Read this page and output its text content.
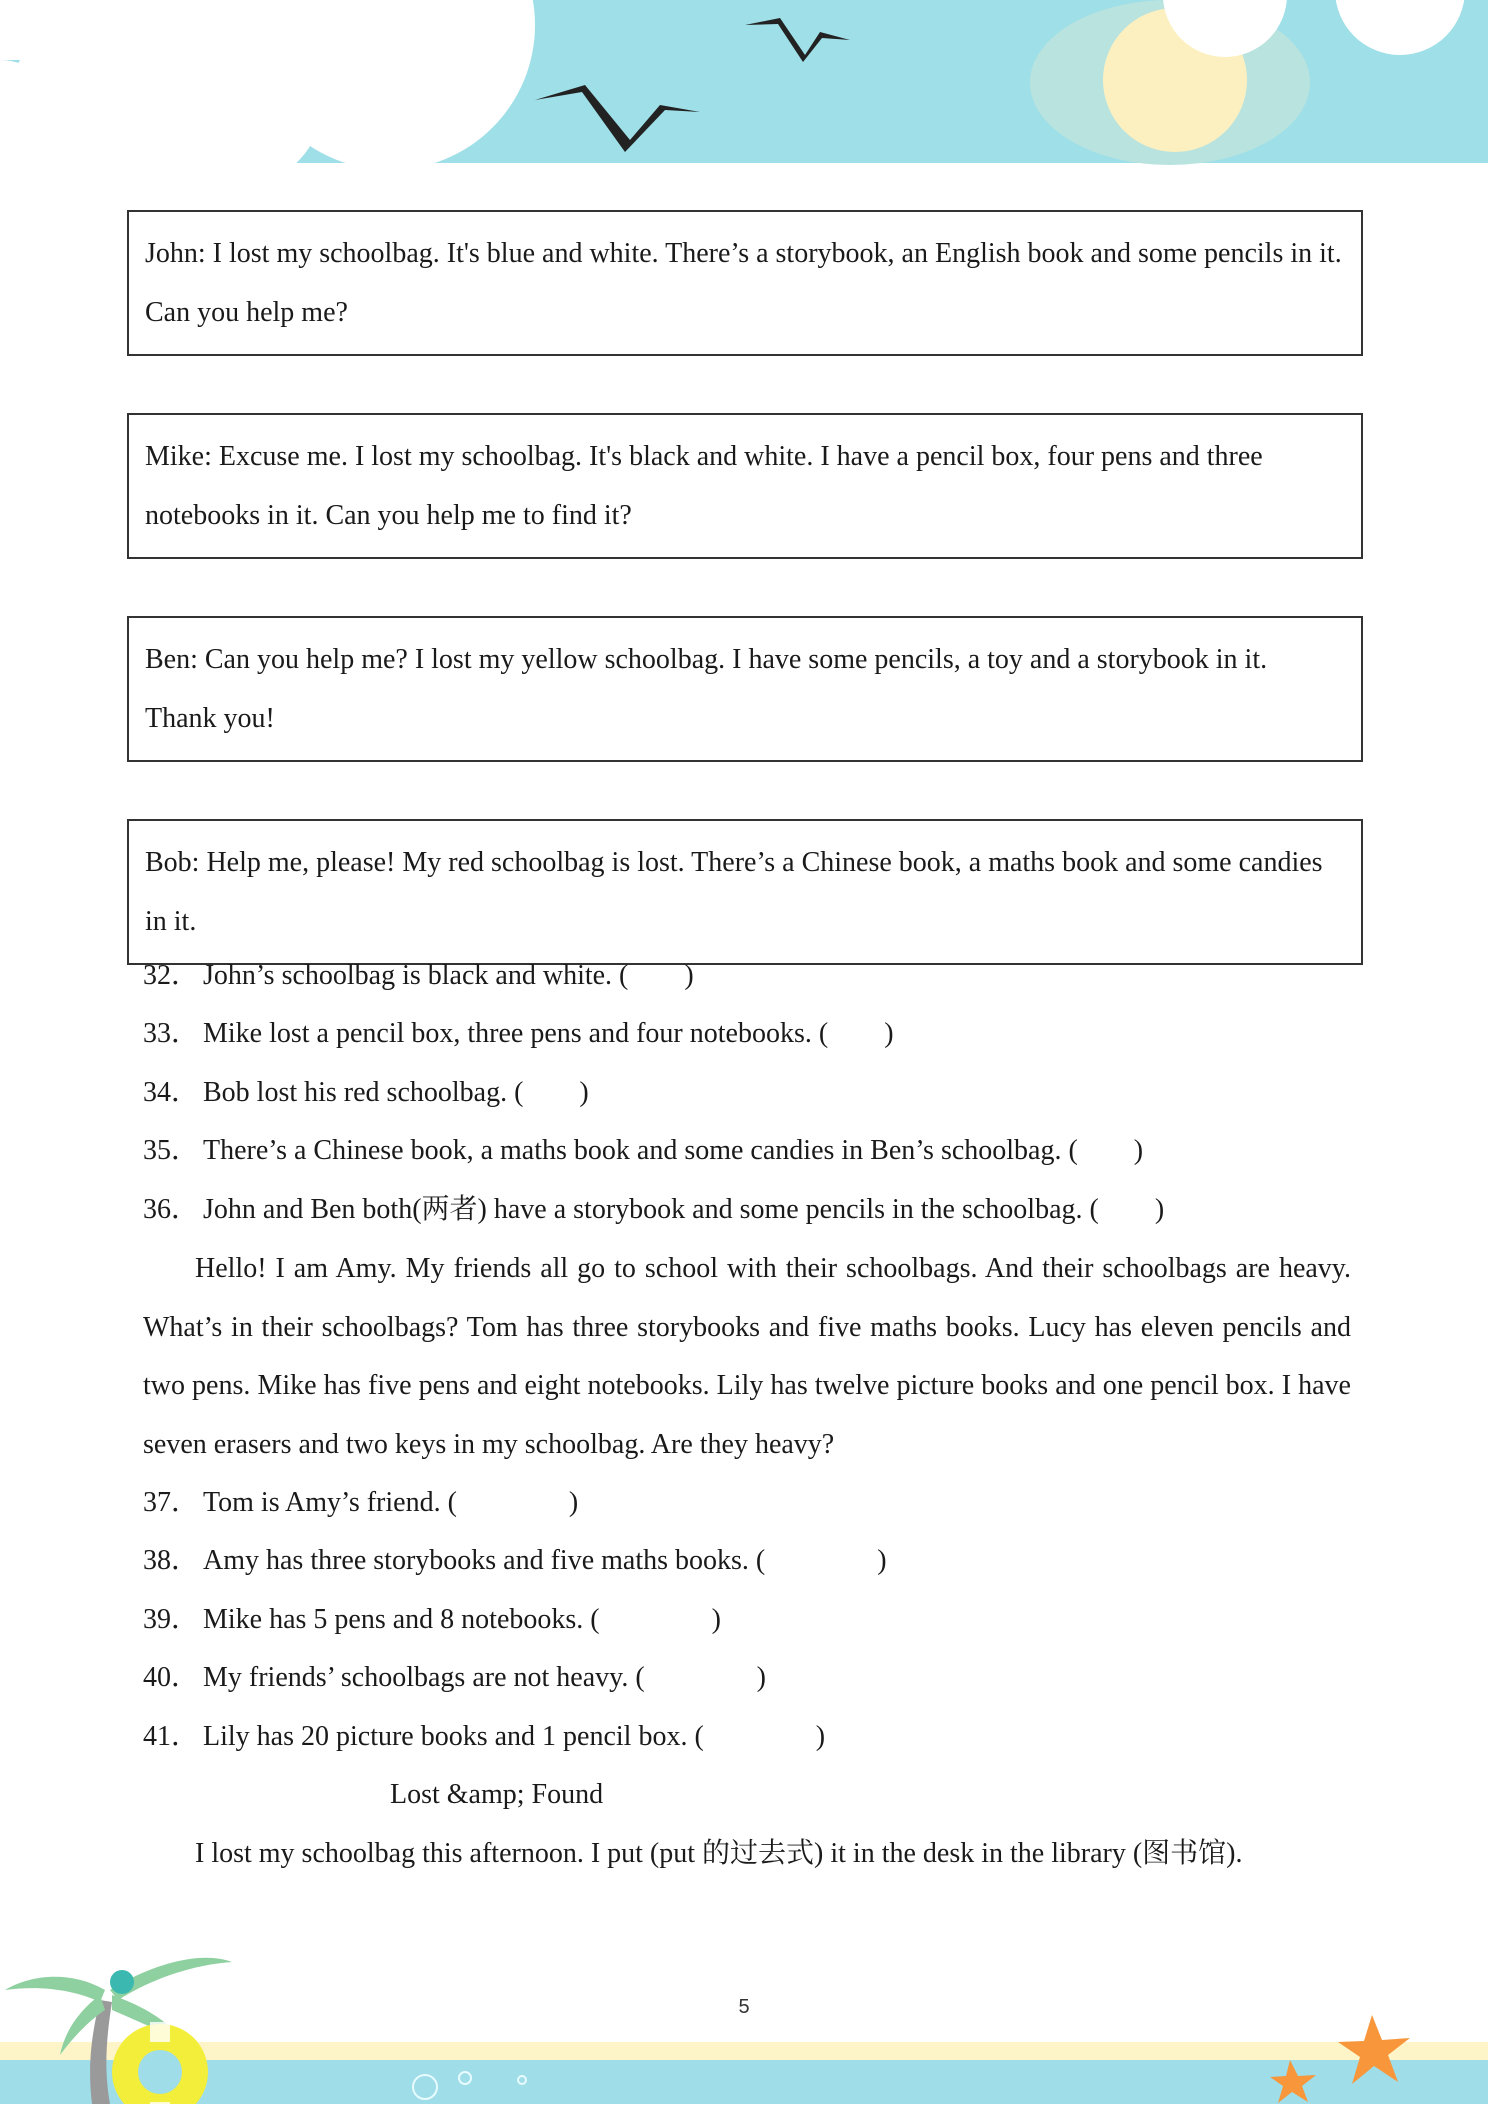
John: I lost my schoolbag. It's blue and white. There’s a storybook, an English book and some pencils in it. Can you help me?
Mike: Excuse me. I lost my schoolbag. It's black and white. I have a pencil box, four pens and three notebooks in it. Can you help me to find it?
Ben: Can you help me? I lost my yellow schoolbag. I have some pencils, a toy and a storybook in it. Thank you!
Bob: Help me, please! My red schoolbag is lost. There’s a Chinese book, a maths book and some candies in it.
32． John’s schoolbag is black and white. (　　)
33． Mike lost a pencil box, three pens and four notebooks. (　　)
34． Bob lost his red schoolbag. (　　)
35． There’s a Chinese book, a maths book and some candies in Ben’s schoolbag. (　　)
36． John and Ben both(两者) have a storybook and some pencils in the schoolbag. (　　)
Hello! I am Amy. My friends all go to school with their schoolbags. And their schoolbags are heavy. What’s in their schoolbags? Tom has three storybooks and five maths books. Lucy has eleven pencils and two pens. Mike has five pens and eight notebooks. Lily has twelve picture books and one pencil box. I have seven erasers and two keys in my schoolbag. Are they heavy?
37． Tom is Amy’s friend. (　　　　)
38． Amy has three storybooks and five maths books. (　　　　)
39． Mike has 5 pens and 8 notebooks. (　　　　)
40． My friends’ schoolbags are not heavy. (　　　　)
41． Lily has 20 picture books and 1 pencil box. (　　　　)
Lost &amp; Found
I lost my schoolbag this afternoon. I put (put 的过去式) it in the desk in the library (图书馆).
5
